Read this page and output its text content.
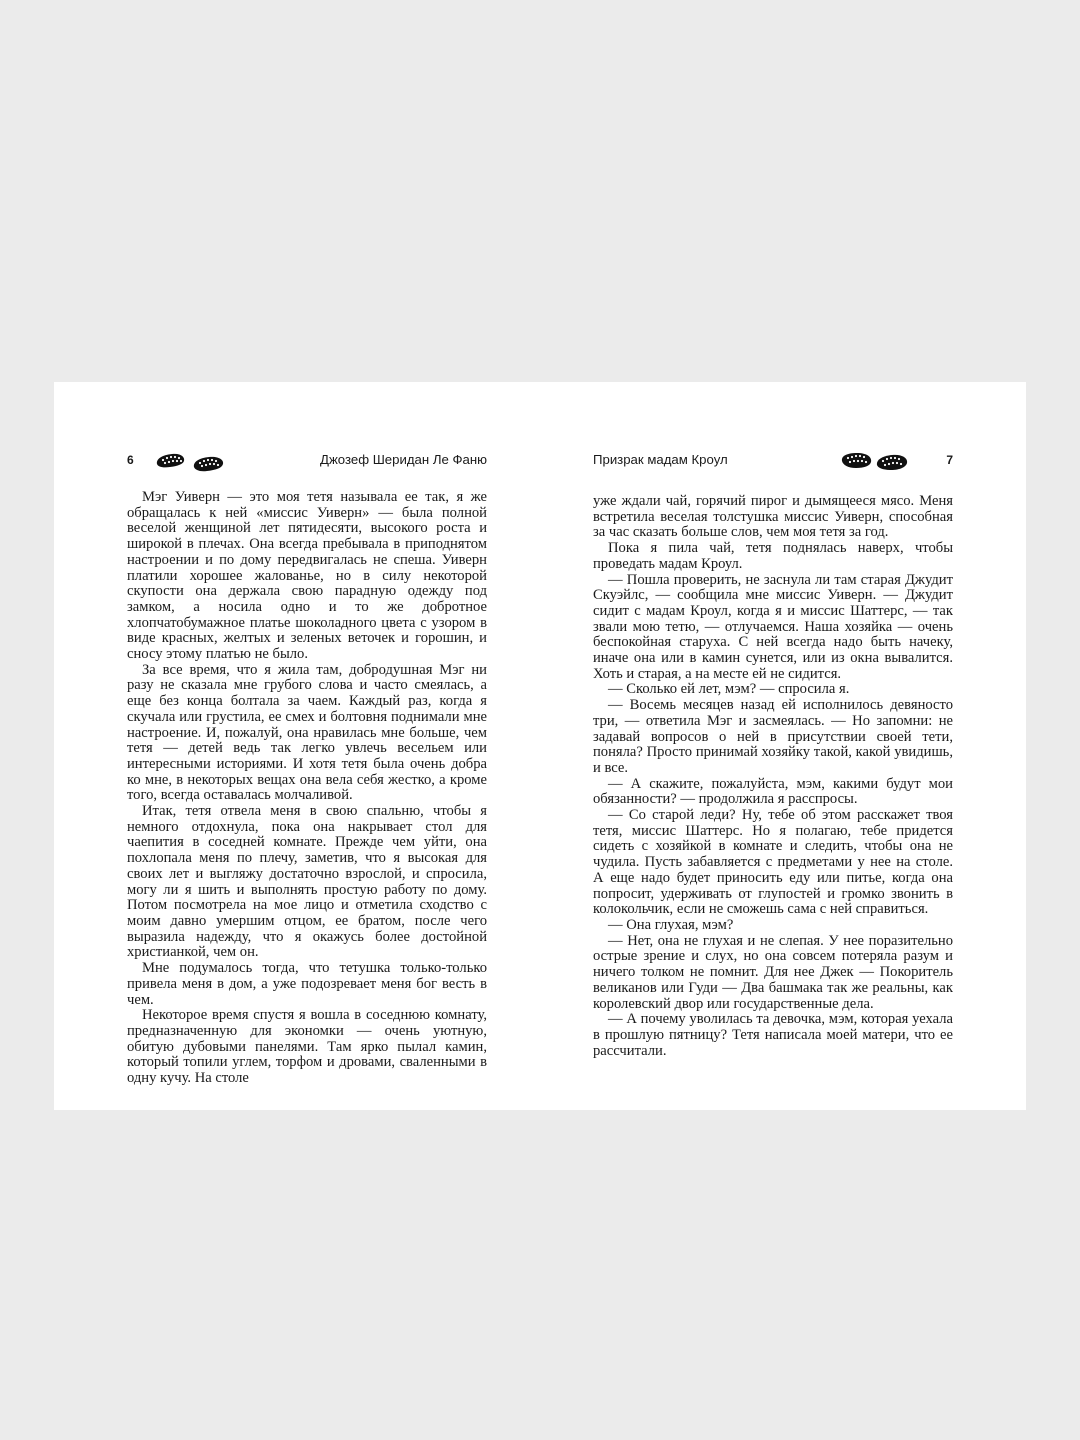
6	Джозеф Шеридан Ле Фаню

Мэг Уиверн — это моя тетя называла ее так, я же обращалась к ней «миссис Уиверн» — была полной веселой женщиной лет пятидесяти, высокого роста и широкой в плечах. Она всегда пребывала в приподнятом настроении и по дому передвигалась не спеша. Уиверн платили хорошее жалованье, но в силу некоторой скупости она держала свою парадную одежду под замком, а носила одно и то же добротное хлопчатобумажное платье шоколадного цвета с узором в виде красных, желтых и зеленых веточек и горошин, и сносу этому платью не было.

За все время, что я жила там, добродушная Мэг ни разу не сказала мне грубого слова и часто смеялась, а еще без конца болтала за чаем. Каждый раз, когда я скучала или грустила, ее смех и болтовня поднимали мне настроение. И, пожалуй, она нравилась мне больше, чем тетя — детей ведь так легко увлечь весельем или интересными историями. И хотя тетя была очень добра ко мне, в некоторых вещах она вела себя жестко, а кроме того, всегда оставалась молчаливой.

Итак, тетя отвела меня в свою спальню, чтобы я немного отдохнула, пока она накрывает стол для чаепития в соседней комнате. Прежде чем уйти, она похлопала меня по плечу, заметив, что я высокая для своих лет и выгляжу достаточно взрослой, и спросила, могу ли я шить и выполнять простую работу по дому. Потом посмотрела на мое лицо и отметила сходство с моим давно умершим отцом, ее братом, после чего выразила надежду, что я окажусь более достойной христианкой, чем он.

Мне подумалось тогда, что тетушка только-только привела меня в дом, а уже подозревает меня бог весть в чем.

Некоторое время спустя я вошла в соседнюю комнату, предназначенную для экономки — очень уютную, обитую дубовыми панелями. Там ярко пылал камин, который топили углем, торфом и дровами, сваленными в одну кучу. На столе

Призрак мадам Кроул	7

уже ждали чай, горячий пирог и дымящееся мясо. Меня встретила веселая толстушка миссис Уиверн, способная за час сказать больше слов, чем моя тетя за год.

Пока я пила чай, тетя поднялась наверх, чтобы проведать мадам Кроул.

— Пошла проверить, не заснула ли там старая Джудит Скуэйлс, — сообщила мне миссис Уиверн. — Джудит сидит с мадам Кроул, когда я и миссис Шаттерс, — так звали мою тетю, — отлучаемся. Наша хозяйка — очень беспокойная старуха. С ней всегда надо быть начеку, иначе она или в камин сунется, или из окна вывалится. Хоть и старая, а на месте ей не сидится.

— Сколько ей лет, мэм? — спросила я.

— Восемь месяцев назад ей исполнилось девяносто три, — ответила Мэг и засмеялась. — Но запомни: не задавай вопросов о ней в присутствии своей тети, поняла? Просто принимай хозяйку такой, какой увидишь, и все.

— А скажите, пожалуйста, мэм, какими будут мои обязанности? — продолжила я расспросы.

— Со старой леди? Ну, тебе об этом расскажет твоя тетя, миссис Шаттерс. Но я полагаю, тебе придется сидеть с хозяйкой в комнате и следить, чтобы она не чудила. Пусть забавляется с предметами у нее на столе. А еще надо будет приносить еду или питье, когда она попросит, удерживать от глупостей и громко звонить в колокольчик, если не сможешь сама с ней справиться.

— Она глухая, мэм?

— Нет, она не глухая и не слепая. У нее поразительно острые зрение и слух, но она совсем потеряла разум и ничего толком не помнит. Для нее Джек — Покоритель великанов или Гуди — Два башмака так же реальны, как королевский двор или государственные дела.

— А почему уволилась та девочка, мэм, которая уехала в прошлую пятницу? Тетя написала моей матери, что ее рассчитали.
